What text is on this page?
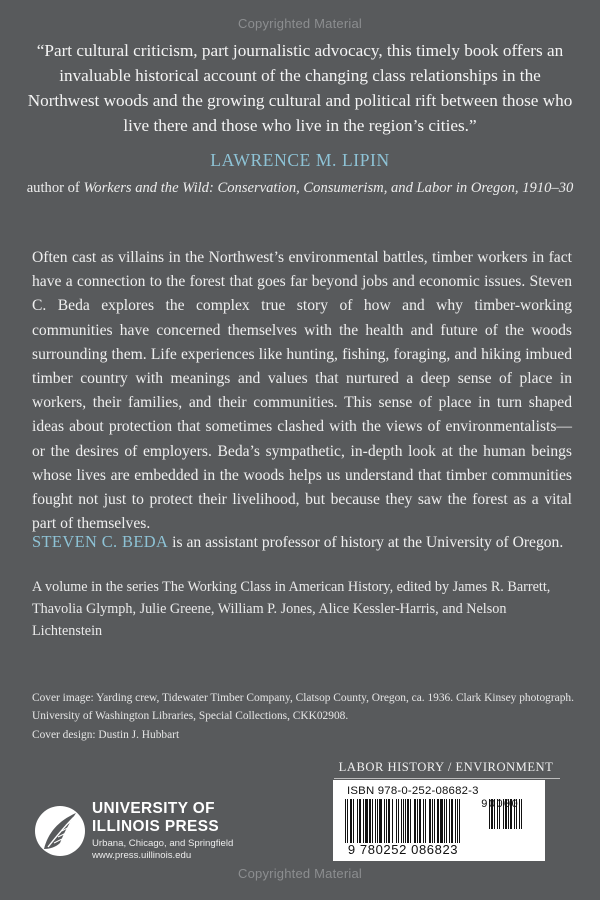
Copyrighted Material
“Part cultural criticism, part journalistic advocacy, this timely book offers an invaluable historical account of the changing class relationships in the Northwest woods and the growing cultural and political rift between those who live there and those who live in the region’s cities.”
LAWRENCE M. LIPIN
author of Workers and the Wild: Conservation, Consumerism, and Labor in Oregon, 1910–30
Often cast as villains in the Northwest’s environmental battles, timber workers in fact have a connection to the forest that goes far beyond jobs and economic issues. Steven C. Beda explores the complex true story of how and why timber-working communities have concerned themselves with the health and future of the woods surrounding them. Life experiences like hunting, fishing, foraging, and hiking imbued timber country with meanings and values that nurtured a deep sense of place in workers, their families, and their communities. This sense of place in turn shaped ideas about protection that sometimes clashed with the views of environmentalists—or the desires of employers. Beda’s sympathetic, in-depth look at the human beings whose lives are embedded in the woods helps us understand that timber communities fought not just to protect their livelihood, but because they saw the forest as a vital part of themselves.
STEVEN C. BEDA is an assistant professor of history at the University of Oregon.
A volume in the series The Working Class in American History, edited by James R. Barrett, Thavolia Glymph, Julie Greene, William P. Jones, Alice Kessler-Harris, and Nelson Lichtenstein
Cover image: Yarding crew, Tidewater Timber Company, Clatsop County, Oregon, ca. 1936. Clark Kinsey photograph. University of Washington Libraries, Special Collections, CKK02908.
Cover design: Dustin J. Hubbart
LABOR HISTORY / ENVIRONMENT
ISBN 978-0-252-08682-3
90000
9 780252 086823
UNIVERSITY OF
ILLINOIS PRESS
Urbana, Chicago, and Springfield
www.press.uillinois.edu
Copyrighted Material
